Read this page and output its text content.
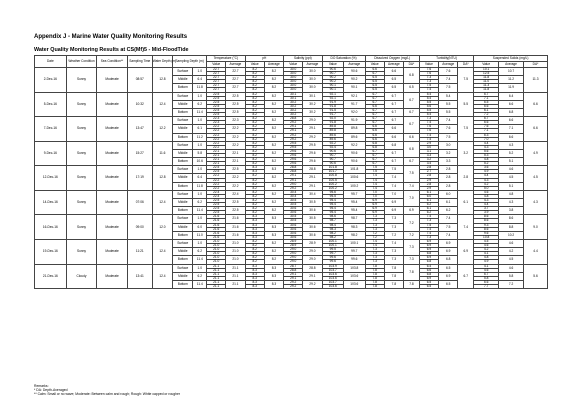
Appendix J - Marine Water Quality Monitoring Results
Water Quality Monitoring Results at CS(Mf)5 - Mid-FloodTide
Date	Weather Condition	Sea Condition**	Sampling Time	Water Depth (m)	Sampling Depth (m)		Temperature (°C)		pH		Salinity (ppt)		DO Saturation (%)		Dissolved Oxygen (mg/L)			Turbidity(NTU)			Suspended Solids (mg/L)		
							Value	Average	Value	Average	Value	Average	Value	Average	Value	Average	DA*	Value	Average	DA*	Value	Average	DA*
2-Dec-16	Sunny	Moderate	08:57	12.8	Surface	1.0	22.7	22.7	8.2	8.2	30.0	30.0	90.6	90.6	6.6	6.6	6.8	7.6	7.6	7.5	10.1	10.7	11.3
							22.7		8.2		30.0		90.7		6.7			7.6			12.5		
					Middle	6.4	22.7	22.7	8.2	8.2	30.0	30.0	90.2	90.2	6.5	6.5		7.3	7.4		11.8	11.2	
							22.7		8.2		30.0		90.2		6.5			7.3			11.0		
					Bottom	11.8	22.7	22.7	8.2	8.2	30.0	30.0	90.1	90.1	6.5	6.5	6.5	7.5	7.5		11.3	11.9	
							22.7		8.2		30.0		90.1		6.5			7.4			11.8		
5-Dec-16	Sunny	Moderate	10:32	12.4	Surface	1.0	22.5	22.5	8.2	8.2	30.1	30.1	92.1	92.1	6.7	6.7	6.7	5.4	5.4	5.5	6.7	6.4	6.6
							22.5		8.2		30.1		92.1		6.7			5.4			7.1		
					Middle	6.2	22.5	22.5	8.2	8.2	30.2	30.2	91.9	91.7	6.7	6.7		5.5	5.5		6.5	6.6	
							22.5		8.2		30.2		91.8		6.6			5.6			6.6		
					Bottom	11.4	22.5	22.5	8.2	8.2	30.2	30.2	91.5	92.0	6.7	6.7	6.7	5.5	5.5		6.1	6.8	
							22.5		8.2		30.2		91.7		6.7			5.4			7.2		
7-Dec-16	Sunny	Moderate	13:47	12.2	Surface	1.0	22.3	22.3	8.2	8.2	28.8	29.0	92.0	91.9	6.7	6.7	6.7	7.3	7.4	7.5	6.7	6.6	6.6
							22.3		8.2		29.2		91.8		6.7			7.4			6.6		
					Middle	6.1	22.2	22.2	8.2	8.2	29.1	29.1	89.8	89.8	6.6	6.6		7.6	7.6		7.6	7.1	
							22.2		8.2		29.1		89.8		6.6			7.6			7.1		
					Bottom	11.2	22.2	22.2	8.2	8.2	29.2	29.2	89.6	89.6	6.6	6.6	6.6	7.4	7.5		6.3	6.6	
							22.2		8.2		29.2		89.6		6.6			7.4			7.0		
9-Dec-16	Sunny	Moderate	15:27	11.6	Surface	1.0	22.2	22.2	8.2	8.2	29.5	29.5	92.2	92.2	6.8	6.8	6.8	2.9	3.0	3.2	4.4	4.3	4.9
							22.2		8.2		29.5		92.4		6.8			3.0			4.3		
					Middle	5.8	22.1	22.1	8.2	8.2	29.6	29.6	90.6	90.6	6.7	6.7		3.1	3.2		5.6	5.2	
							22.1		8.2		29.6		90.7		6.7			3.3			5.3		
					Bottom	10.6	22.1	22.1	8.2	8.2	29.6	29.6	90.7	90.6	6.7	6.7	6.7	3.2	3.3		4.8	5.1	
							22.1		8.2		29.6		90.6		6.7			3.4			5.2		
12-Dec-16	Sunny	Moderate	17:19	12.8	Surface	1.0	22.5	22.5	8.3	8.3	28.8	28.8	101.8	101.8	7.5	7.5	7.5	2.8	2.8	2.8	3.6	4.6	4.5
							22.5		8.3		28.8		101.7		7.5			2.7			4.9		
					Middle	6.4	22.2	22.2	8.2	8.2	29.1	29.1	100.8	100.6	7.4	7.4		2.8	2.8		4.4	4.5	
							22.2		8.2		29.1		100.5		7.4			2.9			4.3		
					Bottom	11.8	22.2	22.2	8.2	8.2	29.0	29.1	100.2	100.2	7.4	7.4	7.4	2.8	2.8		4.2	5.1	
							22.2		8.2		29.2		100.2		7.4			2.9			5.0		
14-Dec-16	Sunny	Moderate	07:06	12.4	Surface	1.0	22.4	22.4	8.2	8.2	30.4	30.4	95.6	95.7	7.0	7.0	7.0	6.1	6.0	6.1	4.6	4.8	4.3
							22.4		8.2		30.4		95.5		7.0			6.0			4.8		
					Middle	6.2	22.5	22.5	8.2	8.2	30.5	30.5	95.4	95.4	6.9	6.9		6.1	6.1		4.3	4.3	
							22.5		8.2		30.5		95.4		6.9			6.2			4.4		
					Bottom	11.4	22.5	22.5	8.2	8.2	30.6	30.6	95.4	95.4	6.9	6.9	6.9	6.1	6.2		3.7	3.8	
							22.5		8.2		30.6		95.4		6.9			6.2			3.9		
16-Dec-16	Sunny	Moderate	09:00	12.0	Surface	1.0	21.6	21.6	8.3	8.3	30.5	30.5	98.6	98.7	7.3	7.3	7.2	7.4	7.4	7.4	8.6	8.6	9.0
							21.6		8.3		30.5		98.7		7.3			7.3			8.6		
					Middle	6.0	21.6	21.6	8.3	8.3	30.6	30.6	98.4	98.3	7.3	7.3		7.5	7.5		9.3	8.8	
							21.6		8.3		30.6		98.3		7.3			7.4			8.6		
					Bottom	11.0	21.6	21.6	8.3	8.3	30.6	30.6	98.2	98.2	7.2	7.2	7.2	7.4	7.4		9.6	10.2	
							21.6		8.3		30.6		98.2		7.2			7.3			10.8		
19-Dec-16	Sunny	Moderate	11:21	12.4	Surface	1.0	21.0	21.0	8.2	8.2	28.9	28.9	100.1	100.1	7.4	7.4	7.3	6.9	6.9	6.9	4.5	4.6	4.4
							21.0		8.2		28.9		100.1		7.4			6.9			4.6		
					Middle	6.2	21.0	21.0	8.2	8.2	29.0	29.0	99.5	99.7	7.3	7.3		6.9	6.9		4.2	4.2	
							21.0		8.2		29.0		99.7		7.3			6.8			4.1		
					Bottom	11.4	21.0	21.0	8.2	8.2	29.0	29.0	99.6	99.6	7.3	7.3	7.3	6.9	6.8		4.8	4.5	
							21.0		8.2		29.0		99.6		7.3			6.8			4.9		
21-Dec-16	Cloudy	Moderate	13:41	12.4	Surface	1.0	21.1	21.1	8.3	8.3	28.7	28.8	103.9	103.8	7.8	7.8	7.8	6.4	6.5	6.7	4.1	4.6	5.6
							21.1		8.3		28.8		103.7		7.8			6.6			4.6		
					Middle	6.2	21.1	21.1	8.3	8.3	29.1	29.1	103.6	103.6	7.8	7.8		6.8	6.9		6.7	5.8	
							21.1		8.3		29.1		103.6		7.8			6.9			5.8		
					Bottom	11.4	21.1	21.1	8.3	8.3	29.2	29.2	103.7	103.6	7.8	7.8	7.8	6.5	6.5		6.6	7.2	
							21.1		8.3		29.2		103.6		7.8			6.5			7.7		
Remarks:
* DA: Depth-Averaged
** Calm: Small or no wave; Moderate: Between calm and rough; Rough: White capped or rougher
